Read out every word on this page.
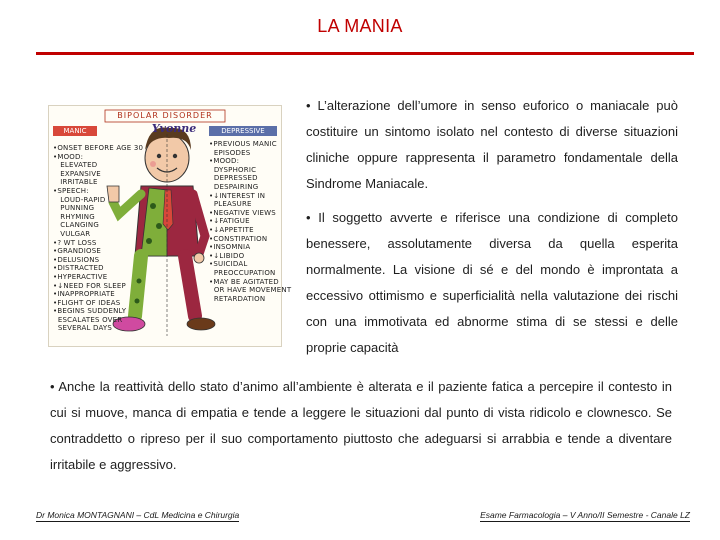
LA MANIA
BIPOLAR DISORDER
MANIC	Yvonne	DEPRESSIVE
•ONSET BEFORE AGE 30
•MOOD:
ELEVATED
EXPANSIVE
IRRITABLE
•SPEECH:
LOUD-RAPID
PUNNING
RHYMING
CLANGING
VULGAR
•? WT LOSS
•GRANDIOSE
•DELUSIONS
•DISTRACTED
•HYPERACTIVE
•↓NEED FOR SLEEP
•INAPPROPRIATE
•FLIGHT OF IDEAS
•BEGINS SUDDENLY
ESCALATES OVER
SEVERAL DAYS
•PREVIOUS MANIC
EPISODES
•MOOD:
DYSPHORIC
DEPRESSED
DESPAIRING
•↓INTEREST IN
PLEASURE
•NEGATIVE VIEWS
•↓FATIGUE
•↓APPETITE
•CONSTIPATION
•INSOMNIA
•↓LIBIDO
•SUICIDAL
PREOCCUPATION
•MAY BE AGITATED
OR HAVE MOVEMENT
RETARDATION

• L’alterazione dell’umore in senso euforico o maniacale può costituire un sintomo isolato nel contesto di diverse situazioni cliniche oppure rappresenta il parametro fondamentale della Sindrome Maniacale.

• Il soggetto avverte e riferisce una condizione di completo benessere, assolutamente diversa da quella esperita normalmente. La visione di sé e del mondo è improntata a eccessivo ottimismo e superficialità nella valutazione dei rischi con una immotivata ed abnorme stima di se stessi e delle proprie capacità

• Anche la reattività dello stato d’animo all’ambiente è alterata e il paziente fatica a percepire il contesto in cui si muove, manca di empatia e tende a leggere le situazioni dal punto di vista ridicolo e clownesco. Se contraddetto o ripreso per il suo comportamento piuttosto che adeguarsi si arrabbia e tende a diventare irritabile e aggressivo.

Dr Monica MONTAGNANI – CdL Medicina e Chirurgia	Esame Farmacologia – V Anno/II Semestre - Canale LZ
